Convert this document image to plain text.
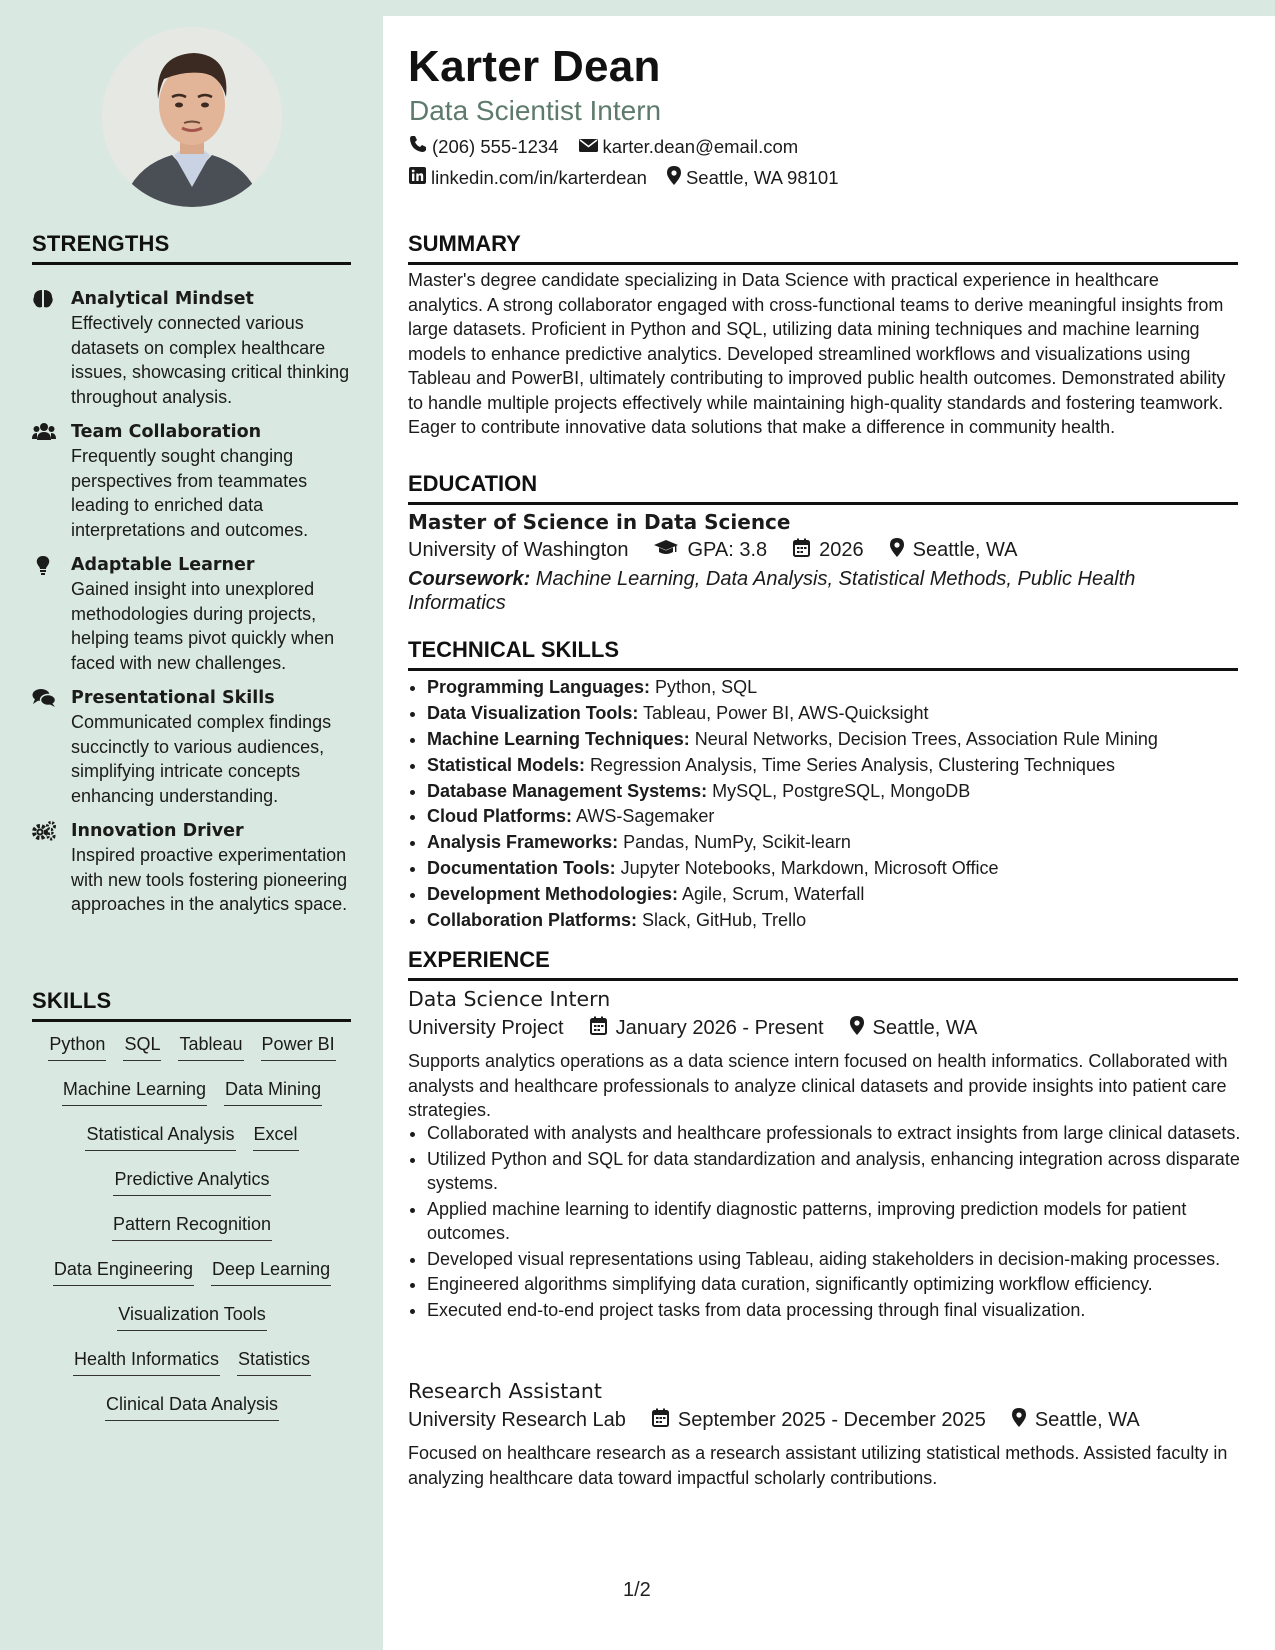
STRENGTHS
Analytical Mindset
Effectively connected various datasets on complex healthcare issues, showcasing critical thinking throughout analysis.
Team Collaboration
Frequently sought changing perspectives from teammates leading to enriched data interpretations and outcomes.
Adaptable Learner
Gained insight into unexplored methodologies during projects, helping teams pivot quickly when faced with new challenges.
Presentational Skills
Communicated complex findings succinctly to various audiences, simplifying intricate concepts enhancing understanding.
Innovation Driver
Inspired proactive experimentation with new tools fostering pioneering approaches in the analytics space.
SKILLS
Python SQL Tableau Power BI
Machine Learning Data Mining
Statistical Analysis Excel
Predictive Analytics
Pattern Recognition
Data Engineering Deep Learning
Visualization Tools
Health Informatics Statistics
Clinical Data Analysis
Karter Dean
Data Scientist Intern
(206) 555-1234 karter.dean@email.com
linkedin.com/in/karterdean Seattle, WA 98101
SUMMARY
Master's degree candidate specializing in Data Science with practical experience in healthcare analytics. A strong collaborator engaged with cross-functional teams to derive meaningful insights from large datasets. Proficient in Python and SQL, utilizing data mining techniques and machine learning models to enhance predictive analytics. Developed streamlined workflows and visualizations using Tableau and PowerBI, ultimately contributing to improved public health outcomes. Demonstrated ability to handle multiple projects effectively while maintaining high-quality standards and fostering teamwork. Eager to contribute innovative data solutions that make a difference in community health.
EDUCATION
Master of Science in Data Science
University of Washington	GPA: 3.8	2026 Seattle, WA
Coursework: Machine Learning, Data Analysis, Statistical Methods, Public Health Informatics
TECHNICAL SKILLS
• Programming Languages: Python, SQL
• Data Visualization Tools: Tableau, Power BI, AWS-Quicksight
• Machine Learning Techniques: Neural Networks, Decision Trees, Association Rule Mining
• Statistical Models: Regression Analysis, Time Series Analysis, Clustering Techniques
• Database Management Systems: MySQL, PostgreSQL, MongoDB
• Cloud Platforms: AWS-Sagemaker
• Analysis Frameworks: Pandas, NumPy, Scikit-learn
• Documentation Tools: Jupyter Notebooks, Markdown, Microsoft Office
• Development Methodologies: Agile, Scrum, Waterfall
• Collaboration Platforms: Slack, GitHub, Trello
EXPERIENCE
Data Science Intern
University Project	January 2026 - Present Seattle, WA
Supports analytics operations as a data science intern focused on health informatics. Collaborated with analysts and healthcare professionals to analyze clinical datasets and provide insights into patient care strategies.
• Collaborated with analysts and healthcare professionals to extract insights from large clinical datasets.
• Utilized Python and SQL for data standardization and analysis, enhancing integration across disparate systems.
• Applied machine learning to identify diagnostic patterns, improving prediction models for patient outcomes.
• Developed visual representations using Tableau, aiding stakeholders in decision-making processes.
• Engineered algorithms simplifying data curation, significantly optimizing workflow efficiency.
• Executed end-to-end project tasks from data processing through final visualization.
Research Assistant
University Research Lab	September 2025 - December 2025 Seattle, WA
Focused on healthcare research as a research assistant utilizing statistical methods. Assisted faculty in analyzing healthcare data toward impactful scholarly contributions.
1/2
